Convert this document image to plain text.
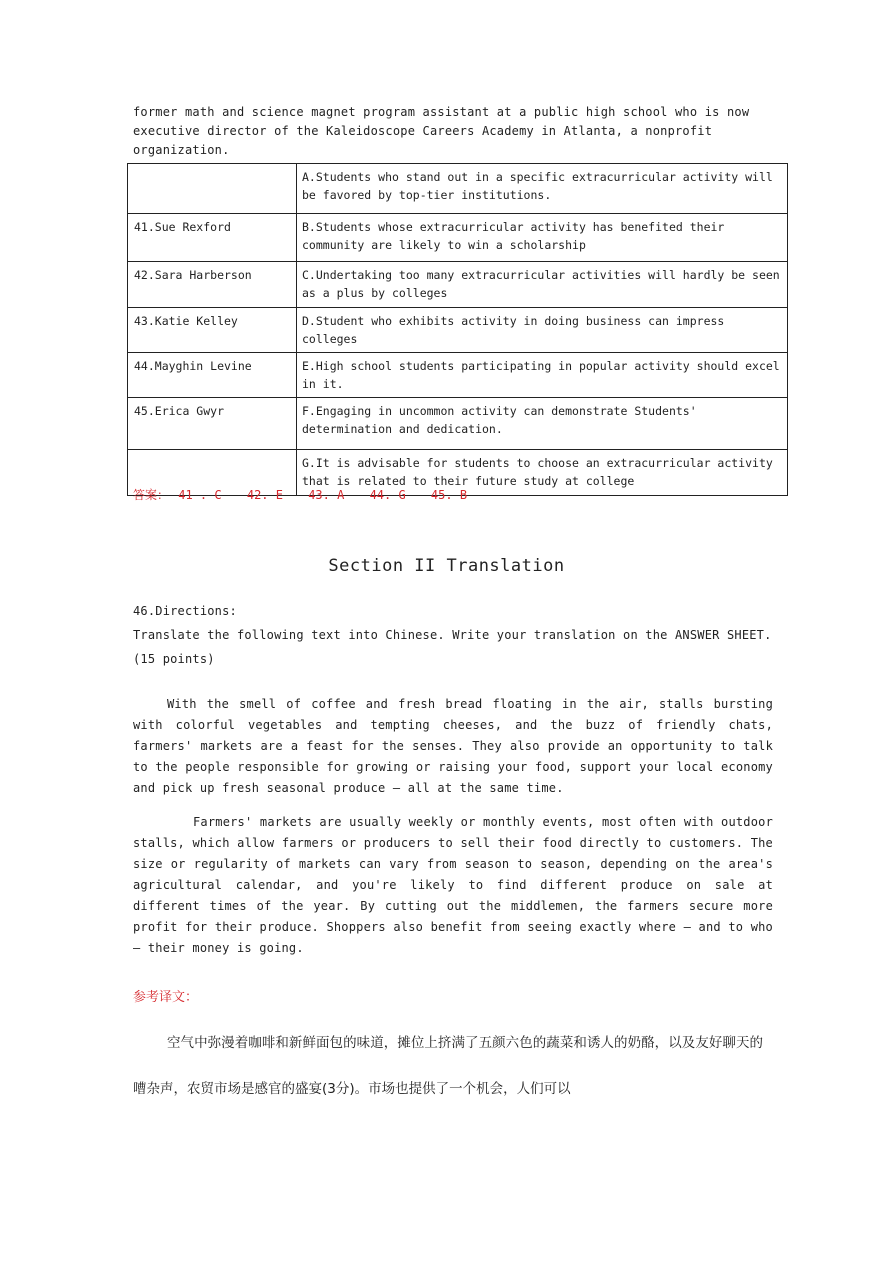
former math and science magnet program assistant at a public high school who is now executive director of the Kaleidoscope Careers Academy in Atlanta, a nonprofit organization.
	A.Students who stand out in a specific extracurricular activity will be favored by top-tier institutions.
41.Sue Rexford	B.Students whose extracurricular activity has benefited their community are likely to win a scholarship
42.Sara Harberson	C.Undertaking too many extracurricular activities will hardly be seen as a plus by colleges
43.Katie Kelley	D.Student who exhibits activity in doing business can impress colleges
44.Mayghin Levine	E.High school students participating in popular activity should excel in it.
45.Erica Gwyr	F.Engaging in uncommon activity can demonstrate Students' determination and dedication.
	G.It is advisable for students to choose an extracurricular activity that is related to their future study at college
答案： 41 . C 42. E 43. A 44. G 45. B
Section II Translation
46.Directions:
Translate the following text into Chinese. Write your translation on the ANSWER SHEET. (15 points)
With the smell of coffee and fresh bread floating in the air, stalls bursting with colorful vegetables and tempting cheeses, and the buzz of friendly chats, farmers' markets are a feast for the senses. They also provide an opportunity to talk to the people responsible for growing or raising your food, support your local economy and pick up fresh seasonal produce — all at the same time.
Farmers' markets are usually weekly or monthly events, most often with outdoor stalls, which allow farmers or producers to sell their food directly to customers. The size or regularity of markets can vary from season to season, depending on the area's agricultural calendar, and you're likely to find different produce on sale at different times of the year. By cutting out the middlemen, the farmers secure more profit for their produce. Shoppers also benefit from seeing exactly where — and to who — their money is going.
参考译文：
空气中弥漫着咖啡和新鲜面包的味道，摊位上挤满了五颜六色的蔬菜和诱人的奶酪，以及友好聊天的嘈杂声，农贸市场是感官的盛宴(3分)。市场也提供了一个机会，人们可以
